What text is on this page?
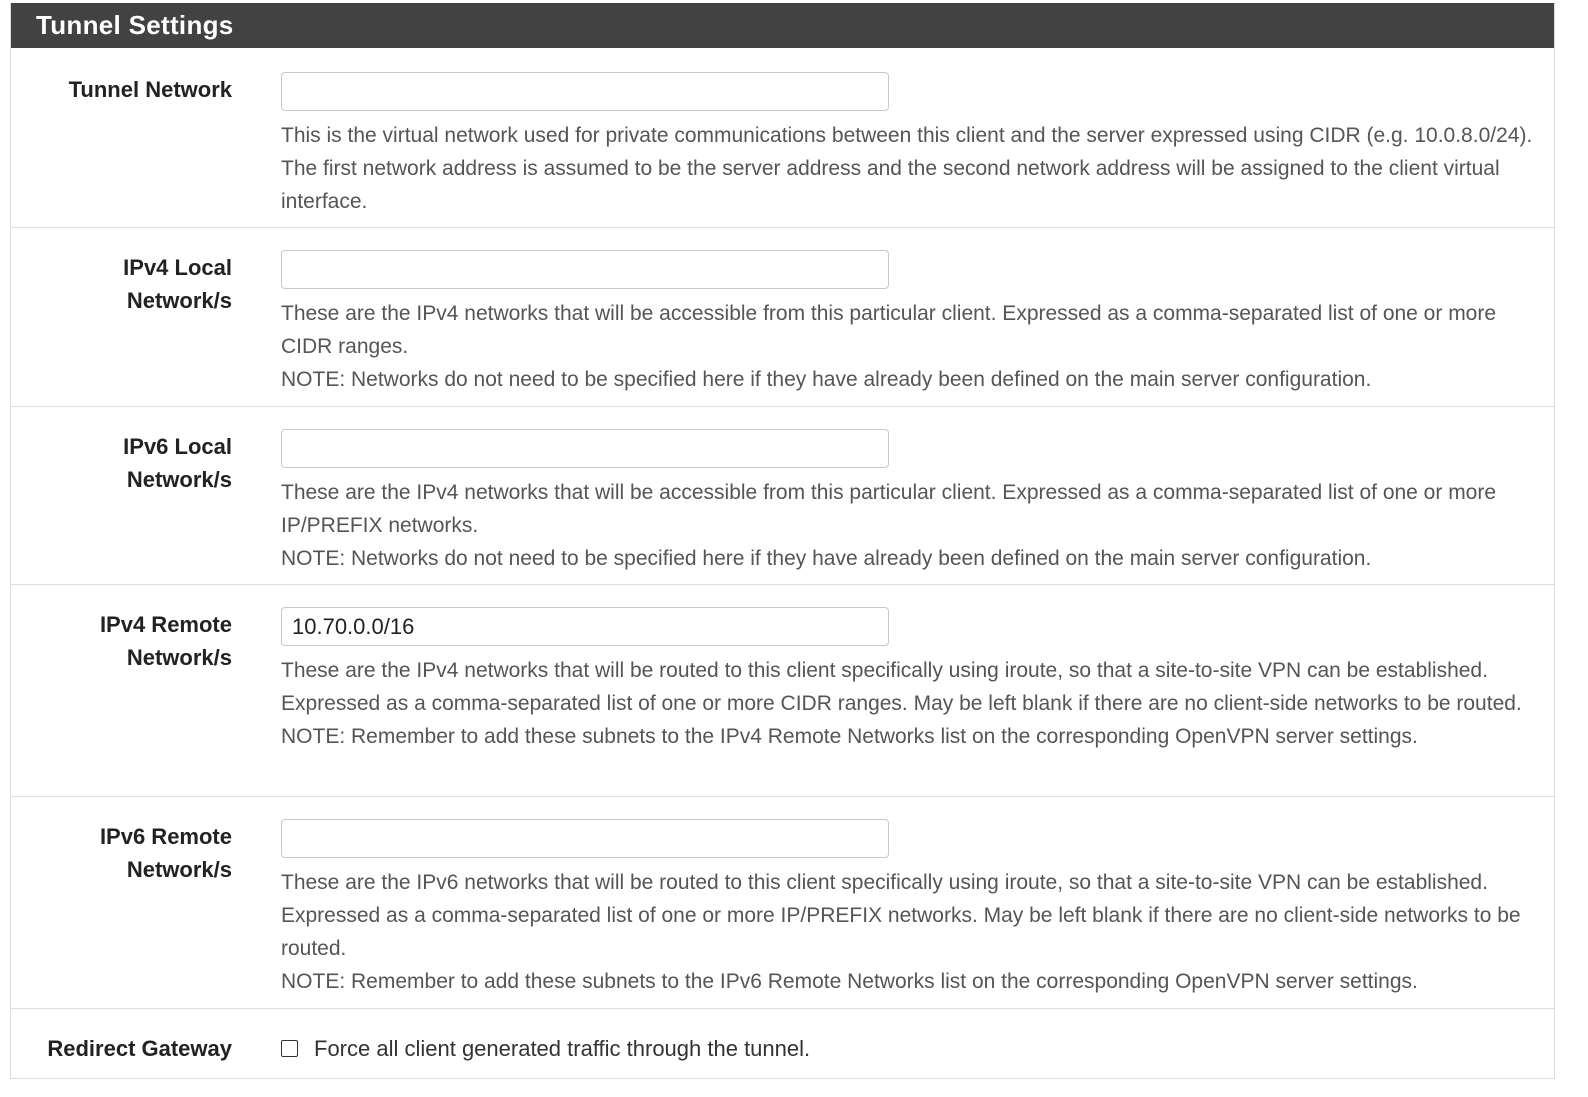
Tunnel Settings
Tunnel Network

This is the virtual network used for private communications between this client and the server expressed using CIDR (e.g. 10.0.8.0/24). The first network address is assumed to be the server address and the second network address will be assigned to the client virtual interface.

IPv4 Local
Network/s

These are the IPv4 networks that will be accessible from this particular client. Expressed as a comma-separated list of one or more CIDR ranges.

NOTE: Networks do not need to be specified here if they have already been defined on the main server configuration.

IPv6 Local
Network/s

These are the IPv4 networks that will be accessible from this particular client. Expressed as a comma-separated list of one or more IP/PREFIX networks.

NOTE: Networks do not need to be specified here if they have already been defined on the main server configuration.

IPv4 Remote
Network/s
10.70.0.0/16

These are the IPv4 networks that will be routed to this client specifically using iroute, so that a site-to-site VPN can be established. Expressed as a comma-separated list of one or more CIDR ranges. May be left blank if there are no client-side networks to be routed.

NOTE: Remember to add these subnets to the IPv4 Remote Networks list on the corresponding OpenVPN server settings.

IPv6 Remote
Network/s

These are the IPv6 networks that will be routed to this client specifically using iroute, so that a site-to-site VPN can be established. Expressed as a comma-separated list of one or more IP/PREFIX networks. May be left blank if there are no client-side networks to be routed.

NOTE: Remember to add these subnets to the IPv6 Remote Networks list on the corresponding OpenVPN server settings.

Redirect Gateway	Force all client generated traffic through the tunnel.
